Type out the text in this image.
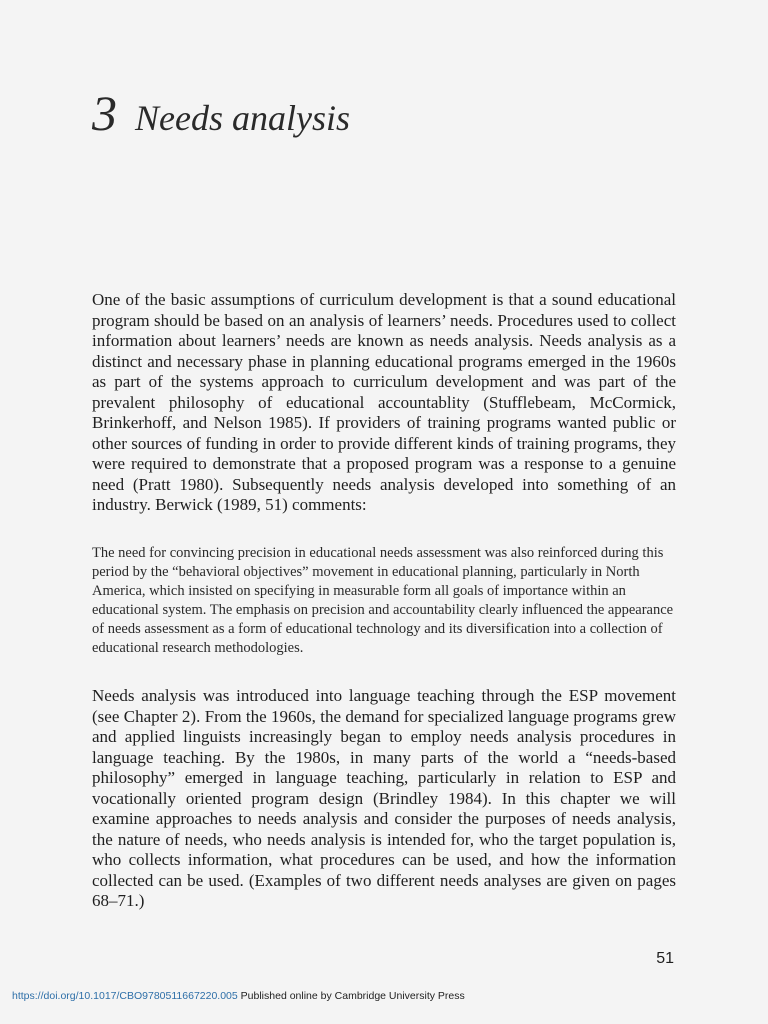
3 Needs analysis

One of the basic assumptions of curriculum development is that a sound educational program should be based on an analysis of learners’ needs. Procedures used to collect information about learners’ needs are known as needs analysis. Needs analysis as a distinct and necessary phase in planning educational programs emerged in the 1960s as part of the systems approach to curriculum development and was part of the prevalent philosophy of educational accountablity (Stufflebeam, McCormick, Brinkerhoff, and Nelson 1985). If providers of training programs wanted public or other sources of funding in order to provide different kinds of training programs, they were required to demonstrate that a proposed program was a response to a genuine need (Pratt 1980). Subsequently needs analysis developed into something of an industry. Berwick (1989, 51) comments:

The need for convincing precision in educational needs assessment was also reinforced during this period by the “behavioral objectives” movement in educational planning, particularly in North America, which insisted on specifying in measurable form all goals of importance within an educational system. The emphasis on precision and accountability clearly influenced the appearance of needs assessment as a form of educational technology and its diversification into a collection of educational research methodologies.

Needs analysis was introduced into language teaching through the ESP movement (see Chapter 2). From the 1960s, the demand for specialized language programs grew and applied linguists increasingly began to employ needs analysis procedures in language teaching. By the 1980s, in many parts of the world a “needs-based philosophy” emerged in language teaching, particularly in relation to ESP and vocationally oriented program design (Brindley 1984). In this chapter we will examine approaches to needs analysis and consider the purposes of needs analysis, the nature of needs, who needs analysis is intended for, who the target population is, who collects information, what procedures can be used, and how the information collected can be used. (Examples of two different needs analyses are given on pages 68–71.)

51
https://doi.org/10.1017/CBO9780511667220.005 Published online by Cambridge University Press
